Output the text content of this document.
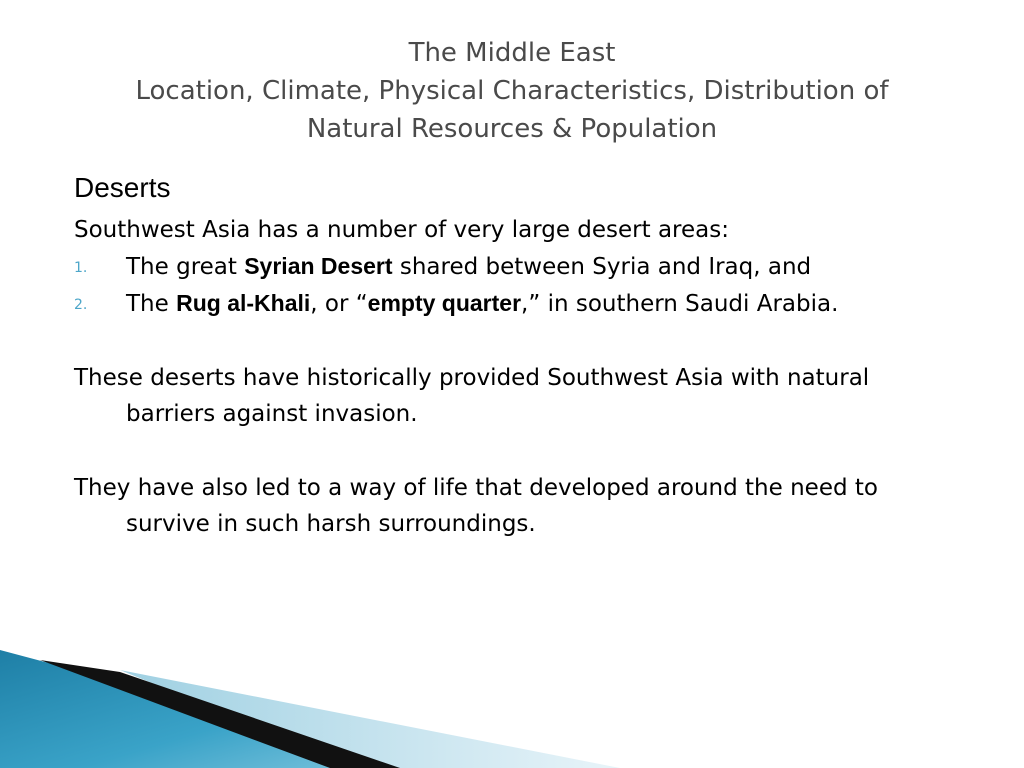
The Middle East
Location, Climate, Physical Characteristics, Distribution of
Natural Resources & Population
Deserts

Southwest Asia has a number of very large desert areas:

1. The great Syrian Desert shared between Syria and Iraq, and
2. The Rug al-Khali, or “empty quarter,” in southern Saudi Arabia.

These deserts have historically provided Southwest Asia with natural barriers against invasion.

They have also led to a way of life that developed around the need to survive in such harsh surroundings.
